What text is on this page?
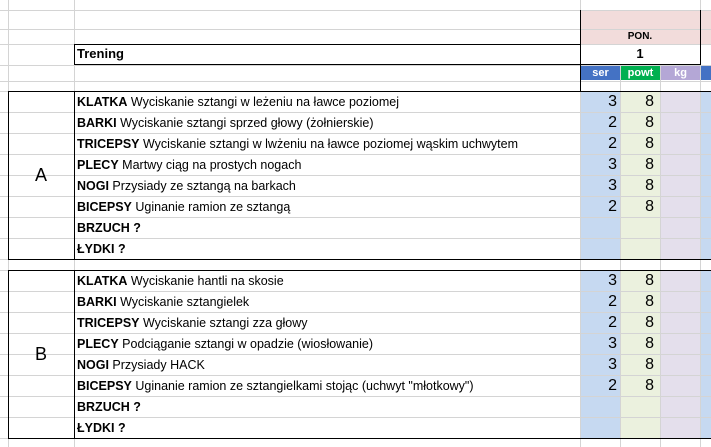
Trening
PON.
1
ser	powt	kg
A
KLATKA Wyciskanie sztangi w leżeniu na ławce poziomej	3	8
BARKI Wyciskanie sztangi sprzed głowy (żołnierskie)	2	8
TRICEPSY Wyciskanie sztangi w lwżeniu na ławce poziomej wąskim uchwytem	2	8
PLECY Martwy ciąg na prostych nogach	3	8
NOGI Przysiady ze sztangą na barkach	3	8
BICEPSY Uginanie ramion ze sztangą	2	8
BRZUCH ?
ŁYDKI ?
B
KLATKA Wyciskanie hantli na skosie	3	8
BARKI Wyciskanie sztangielek	2	8
TRICEPSY Wyciskanie sztangi zza głowy	2	8
PLECY Podciąganie sztangi w opadzie (wiosłowanie)	3	8
NOGI Przysiady HACK	3	8
BICEPSY Uginanie ramion ze sztangielkami stojąc (uchwyt "młotkowy")	2	8
BRZUCH ?
ŁYDKI ?
